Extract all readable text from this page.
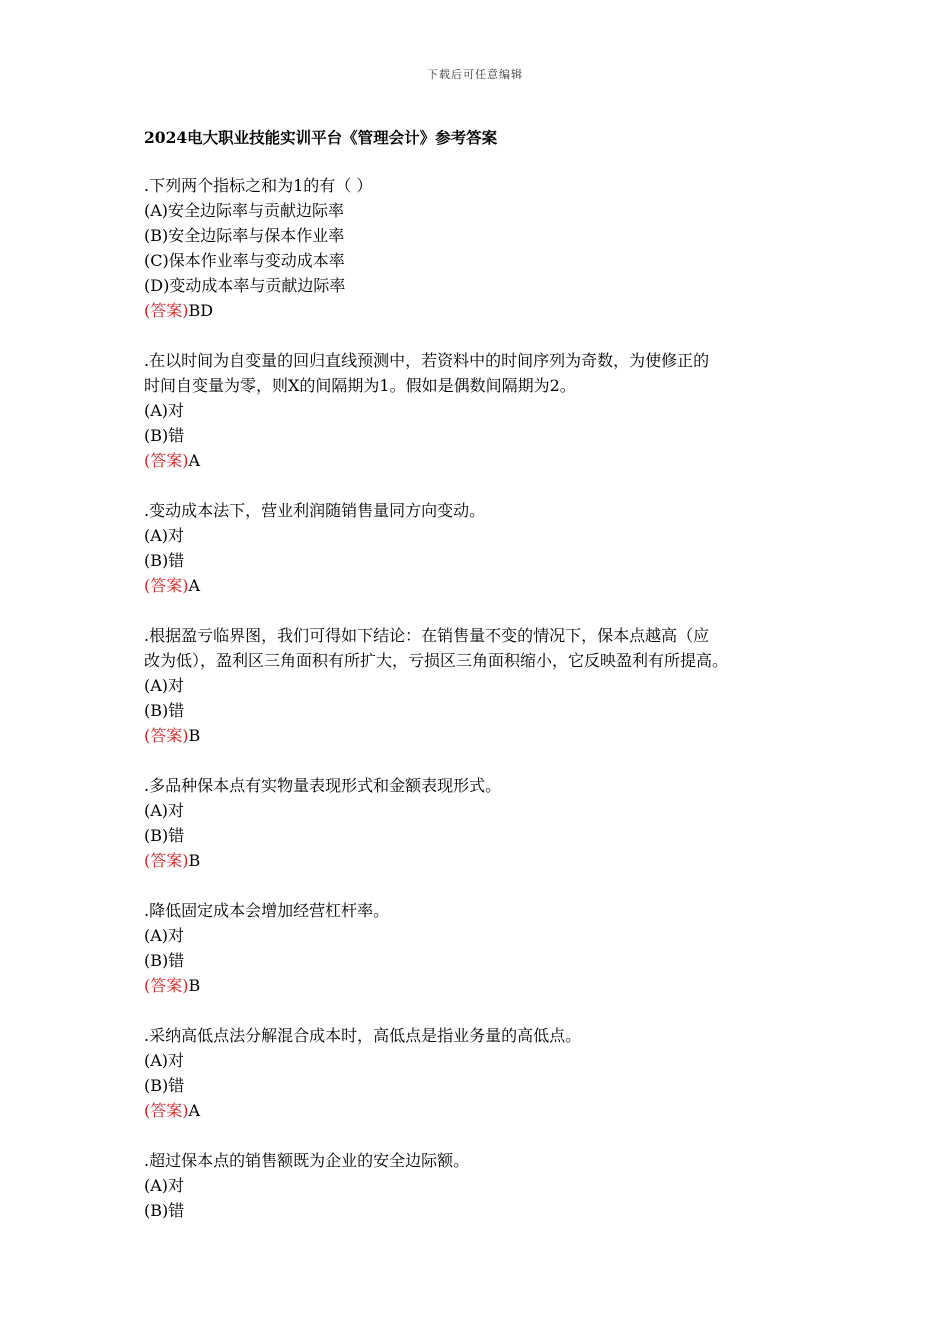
下载后可任意编辑
2024电大职业技能实训平台《管理会计》参考答案
.下列两个指标之和为1的有（ ）
(A)安全边际率与贡献边际率
(B)安全边际率与保本作业率
(C)保本作业率与变动成本率
(D)变动成本率与贡献边际率
(答案)BD
.在以时间为自变量的回归直线预测中，若资料中的时间序列为奇数，为使修正的
时间自变量为零，则X的间隔期为1。假如是偶数间隔期为2。
(A)对
(B)错
(答案)A
.变动成本法下，营业利润随销售量同方向变动。
(A)对
(B)错
(答案)A
.根据盈亏临界图，我们可得如下结论：在销售量不变的情况下，保本点越高（应
改为低），盈利区三角面积有所扩大，亏损区三角面积缩小，它反映盈利有所提高。
(A)对
(B)错
(答案)B
.多品种保本点有实物量表现形式和金额表现形式。
(A)对
(B)错
(答案)B
.降低固定成本会增加经营杠杆率。
(A)对
(B)错
(答案)B
.采纳高低点法分解混合成本时，高低点是指业务量的高低点。
(A)对
(B)错
(答案)A
.超过保本点的销售额既为企业的安全边际额。
(A)对
(B)错
